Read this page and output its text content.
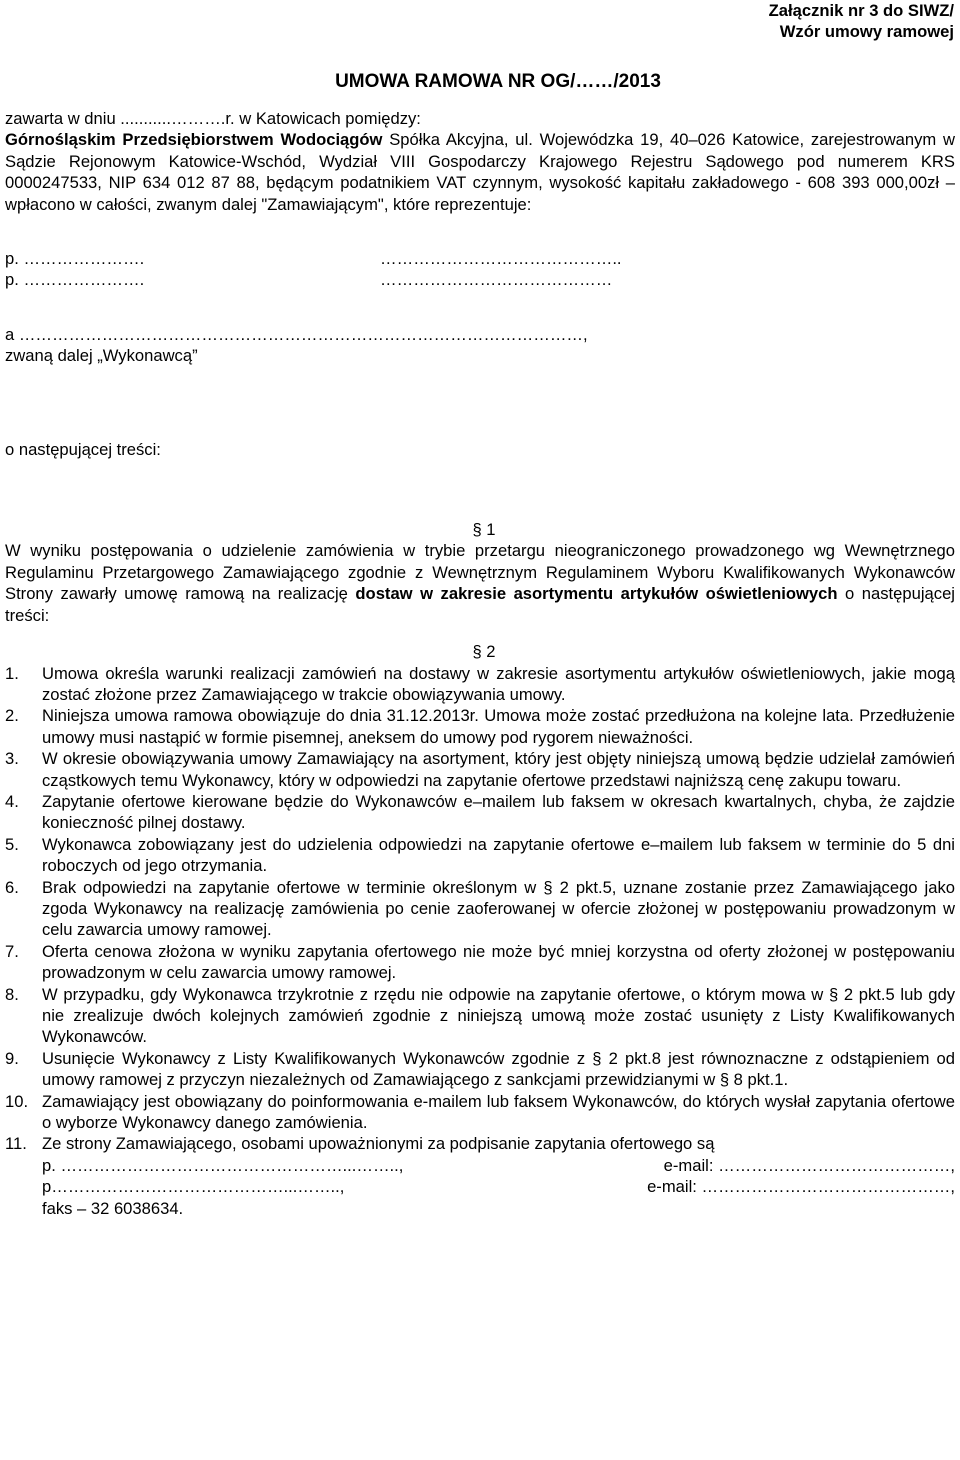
Załącznik nr 3 do SIWZ/
Wzór umowy ramowej
UMOWA RAMOWA NR OG/……/2013
zawarta w dniu ...........……….r. w Katowicach pomiędzy:
Górnośląskim Przedsiębiorstwem Wodociągów Spółka Akcyjna, ul. Wojewódzka 19, 40–026 Katowice, zarejestrowanym w Sądzie Rejonowym Katowice-Wschód, Wydział VIII Gospodarczy Krajowego Rejestru Sądowego pod numerem KRS 0000247533, NIP 634 012 87 88, będącym podatnikiem VAT czynnym, wysokość kapitału zakładowego - 608 393 000,00zł – wpłacono w całości, zwanym dalej "Zamawiającym", które reprezentuje:
p. ………………….	……………………………………..
p. ………………….	……………………………………
a …………………………………………………………………………………………,
zwaną dalej „Wykonawcą”
o następującej treści:
§ 1
W wyniku postępowania o udzielenie zamówienia w trybie przetargu nieograniczonego prowadzonego wg Wewnętrznego Regulaminu Przetargowego Zamawiającego zgodnie z Wewnętrznym Regulaminem Wyboru Kwalifikowanych Wykonawców Strony zawarły umowę ramową na realizację dostaw w zakresie asortymentu artykułów oświetleniowych o następującej treści:
§ 2
1.	Umowa określa warunki realizacji zamówień na dostawy w zakresie asortymentu artykułów oświetleniowych, jakie mogą zostać złożone przez Zamawiającego w trakcie obowiązywania umowy.
2.	Niniejsza umowa ramowa obowiązuje do dnia 31.12.2013r. Umowa może zostać przedłużona na kolejne lata. Przedłużenie umowy musi nastąpić w formie pisemnej, aneksem do umowy pod rygorem nieważności.
3.	W okresie obowiązywania umowy Zamawiający na asortyment, który jest objęty niniejszą umową będzie udzielał zamówień cząstkowych temu Wykonawcy, który w odpowiedzi na zapytanie ofertowe przedstawi najniższą cenę zakupu towaru.
4.	Zapytanie ofertowe kierowane będzie do Wykonawców e–mailem lub faksem w okresach kwartalnych, chyba, że zajdzie konieczność pilnej dostawy.
5.	Wykonawca zobowiązany jest do udzielenia odpowiedzi na zapytanie ofertowe e–mailem lub faksem w terminie do 5 dni roboczych od jego otrzymania.
6.	Brak odpowiedzi na zapytanie ofertowe w terminie określonym w § 2 pkt.5, uznane zostanie przez Zamawiającego jako zgoda Wykonawcy na realizację zamówienia po cenie zaoferowanej w ofercie złożonej w postępowaniu prowadzonym w celu zawarcia umowy ramowej.
7.	Oferta cenowa złożona w wyniku zapytania ofertowego nie może być mniej korzystna od oferty złożonej w postępowaniu prowadzonym w celu zawarcia umowy ramowej.
8.	W przypadku, gdy Wykonawca trzykrotnie z rzędu nie odpowie na zapytanie ofertowe, o którym mowa w § 2 pkt.5 lub gdy nie zrealizuje dwóch kolejnych zamówień zgodnie z niniejszą umową może zostać usunięty z Listy Kwalifikowanych Wykonawców.
9.	Usunięcie Wykonawcy z Listy Kwalifikowanych Wykonawców zgodnie z § 2 pkt.8 jest równoznaczne z odstąpieniem od umowy ramowej z przyczyn niezależnych od Zamawiającego z sankcjami przewidzianymi w § 8 pkt.1.
10. Zamawiający jest obowiązany do poinformowania e-mailem lub faksem Wykonawców, do których wysłał zapytania ofertowe o wyborze Wykonawcy danego zamówienia.
11. Ze strony Zamawiającego, osobami upoważnionymi za podpisanie zapytania ofertowego są
p. ……………………………………………...……..,	e-mail: ……………………………………,
p……………………………………...……..,	e-mail: ………………………………………,
faks – 32 6038634.
